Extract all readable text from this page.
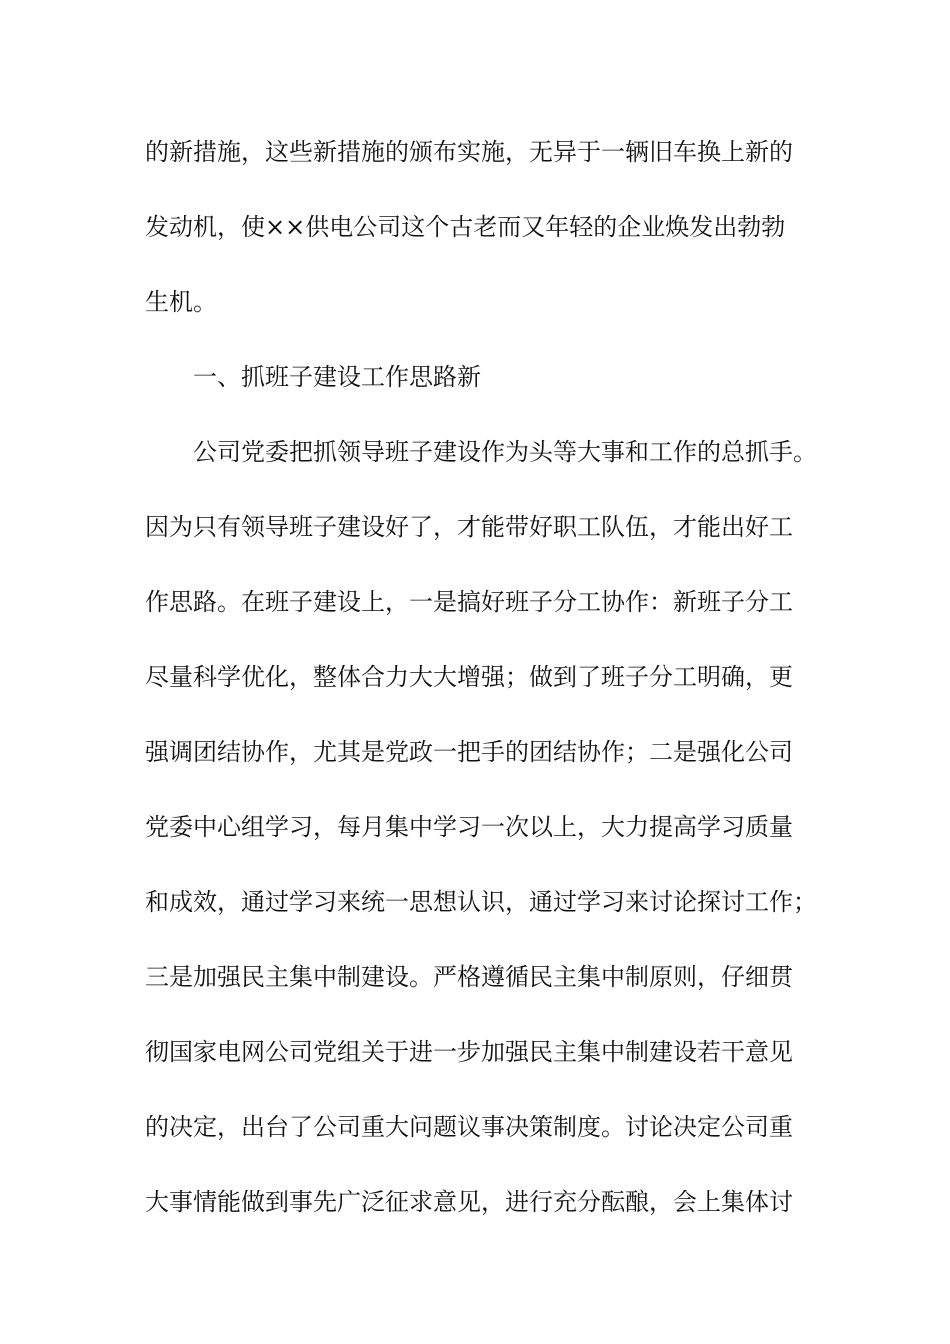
的新措施，这些新措施的颁布实施，无异于一辆旧车换上新的
发动机，使××供电公司这个古老而又年轻的企业焕发出勃勃
生机。
一、抓班子建设工作思路新
公司党委把抓领导班子建设作为头等大事和工作的总抓手。
因为只有领导班子建设好了，才能带好职工队伍，才能出好工
作思路。在班子建设上，一是搞好班子分工协作：新班子分工
尽量科学优化，整体合力大大增强；做到了班子分工明确，更
强调团结协作，尤其是党政一把手的团结协作；二是强化公司
党委中心组学习，每月集中学习一次以上，大力提高学习质量
和成效，通过学习来统一思想认识，通过学习来讨论探讨工作；
三是加强民主集中制建设。严格遵循民主集中制原则，仔细贯
彻国家电网公司党组关于进一步加强民主集中制建设若干意见
的决定，出台了公司重大问题议事决策制度。讨论决定公司重
大事情能做到事先广泛征求意见，进行充分酝酿，会上集体讨
